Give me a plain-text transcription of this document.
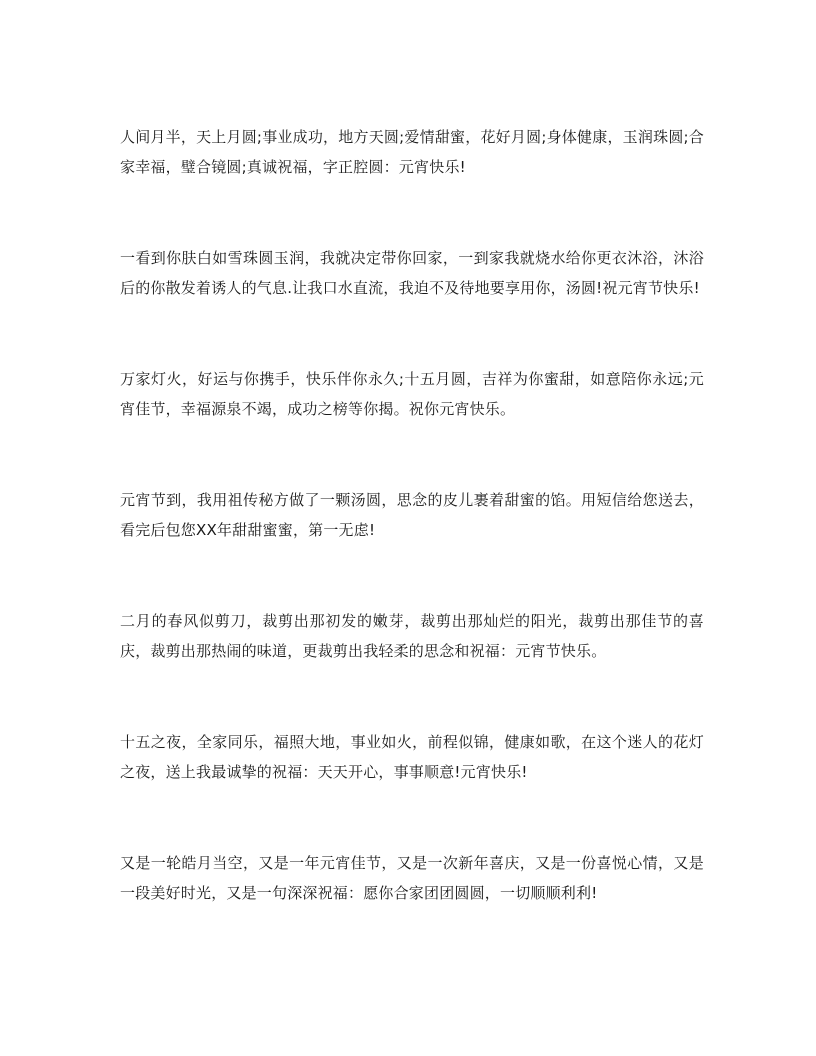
人间月半，天上月圆;事业成功，地方天圆;爱情甜蜜，花好月圆;身体健康，玉润珠圆;合家幸福，璧合镜圆;真诚祝福，字正腔圆：元宵快乐!

一看到你肤白如雪珠圆玉润，我就决定带你回家，一到家我就烧水给你更衣沐浴，沐浴后的你散发着诱人的气息.让我口水直流，我迫不及待地要享用你，汤圆!祝元宵节快乐!

万家灯火，好运与你携手，快乐伴你永久;十五月圆，吉祥为你蜜甜，如意陪你永远;元宵佳节，幸福源泉不竭，成功之榜等你揭。祝你元宵快乐。

元宵节到，我用祖传秘方做了一颗汤圆，思念的皮儿裹着甜蜜的馅。用短信给您送去，看完后包您XX年甜甜蜜蜜，第一无虑!

二月的春风似剪刀，裁剪出那初发的嫩芽，裁剪出那灿烂的阳光，裁剪出那佳节的喜庆，裁剪出那热闹的味道，更裁剪出我轻柔的思念和祝福：元宵节快乐。

十五之夜，全家同乐，福照大地，事业如火，前程似锦，健康如歌，在这个迷人的花灯之夜，送上我最诚挚的祝福：天天开心，事事顺意!元宵快乐!

又是一轮皓月当空，又是一年元宵佳节，又是一次新年喜庆，又是一份喜悦心情，又是一段美好时光，又是一句深深祝福：愿你合家团团圆圆，一切顺顺利利!
